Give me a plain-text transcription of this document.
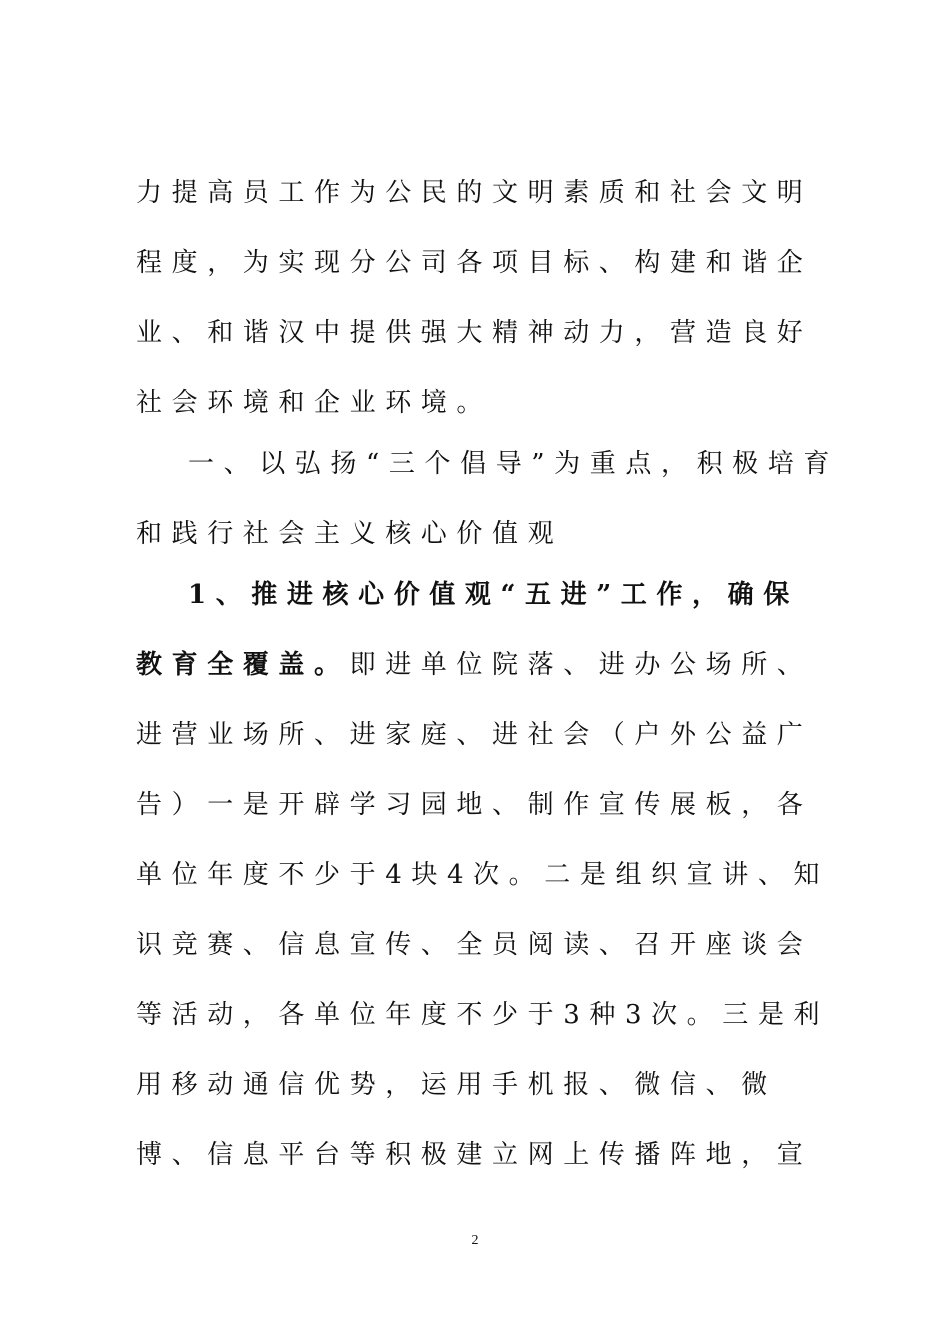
力提高员工作为公民的文明素质和社会文明
程度，为实现分公司各项目标、构建和谐企
业、和谐汉中提供强大精神动力，营造良好
社会环境和企业环境。
一、以弘扬“三个倡导”为重点，积极培育
和践行社会主义核心价值观
1、推进核心价值观“五进”工作，确保
教育全覆盖。即进单位院落、进办公场所、
进营业场所、进家庭、进社会（户外公益广
告）一是开辟学习园地、制作宣传展板，各
单位年度不少于4块4次。二是组织宣讲、知
识竞赛、信息宣传、全员阅读、召开座谈会
等活动，各单位年度不少于3种3次。三是利
用移动通信优势，运用手机报、微信、微
博、信息平台等积极建立网上传播阵地，宣
2
